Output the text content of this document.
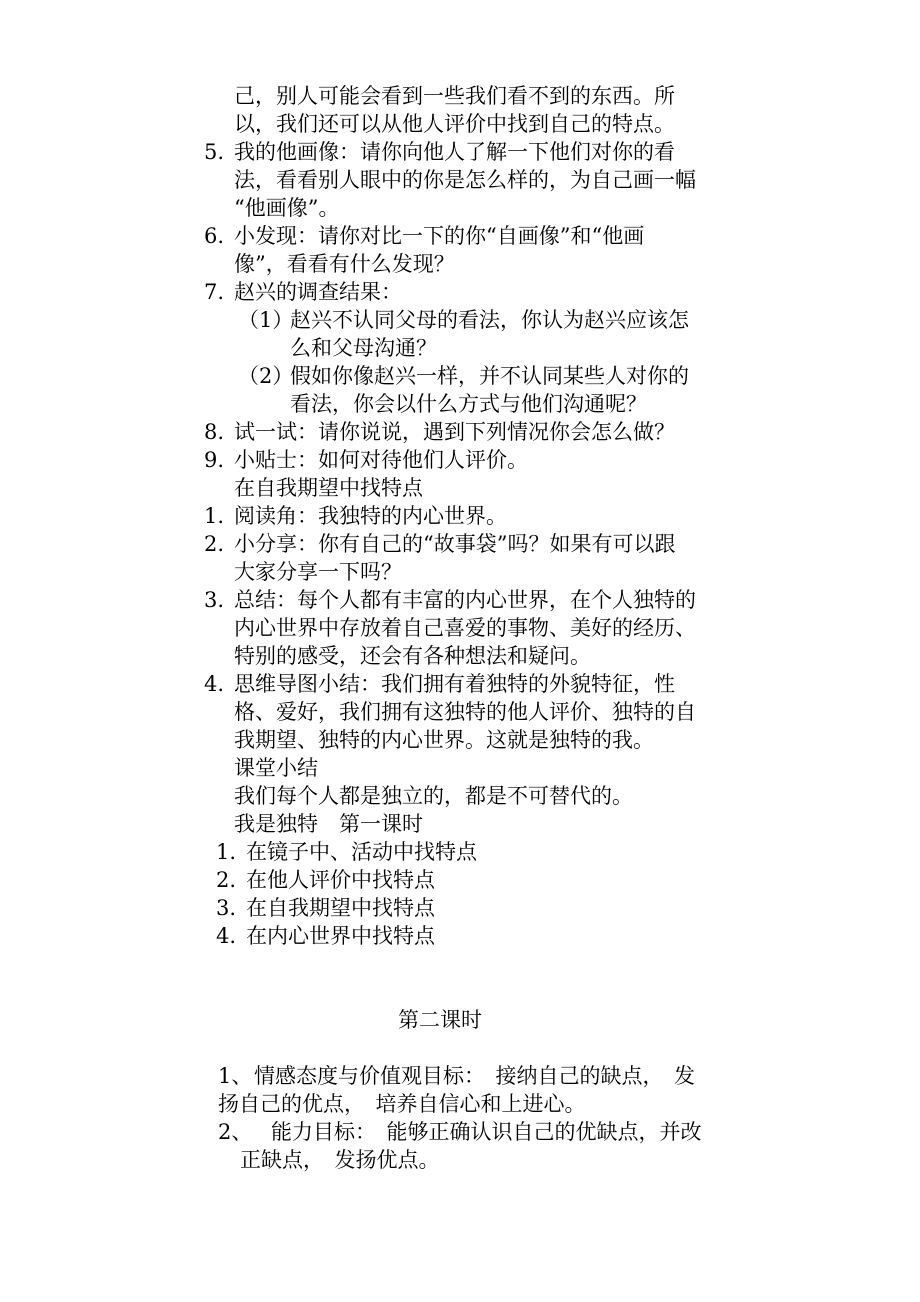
己，别人可能会看到一些我们看不到的东西。所
以，我们还可以从他人评价中找到自己的特点。
5. 我的他画像：请你向他人了解一下他们对你的看
法，看看别人眼中的你是怎么样的，为自己画一幅
“他画像”。
6. 小发现：请你对比一下的你“自画像”和“他画
像”，看看有什么发现？
7. 赵兴的调查结果：
（1）
赵兴不认同父母的看法，你认为赵兴应该怎
么和父母沟通？
（2）
假如你像赵兴一样，并不认同某些人对你的
看法，你会以什么方式与他们沟通呢？
8. 试一试：请你说说，遇到下列情况你会怎么做？
9. 小贴士：如何对待他们人评价。
在自我期望中找特点
1. 阅读角：我独特的内心世界。
2. 小分享：你有自己的“故事袋”吗？如果有可以跟
大家分享一下吗？
3. 总结：每个人都有丰富的内心世界，在个人独特的
内心世界中存放着自己喜爱的事物、美好的经历、
特别的感受，还会有各种想法和疑问。
4. 思维导图小结：我们拥有着独特的外貌特征，性
格、爱好，我们拥有这独特的他人评价、独特的自
我期望、独特的内心世界。这就是独特的我。
课堂小结
我们每个人都是独立的，都是不可替代的。
我是独特　第一课时
1. 在镜子中、活动中找特点
2. 在他人评价中找特点
3. 在自我期望中找特点
4. 在内心世界中找特点
第二课时
1、 情感态度与价值观目标：　接纳自己的缺点，　发
扬自己的优点，　培养自信心和上进心。
2、
　能力目标：　能够正确认识自己的优缺点，并改
正缺点，　发扬优点。
